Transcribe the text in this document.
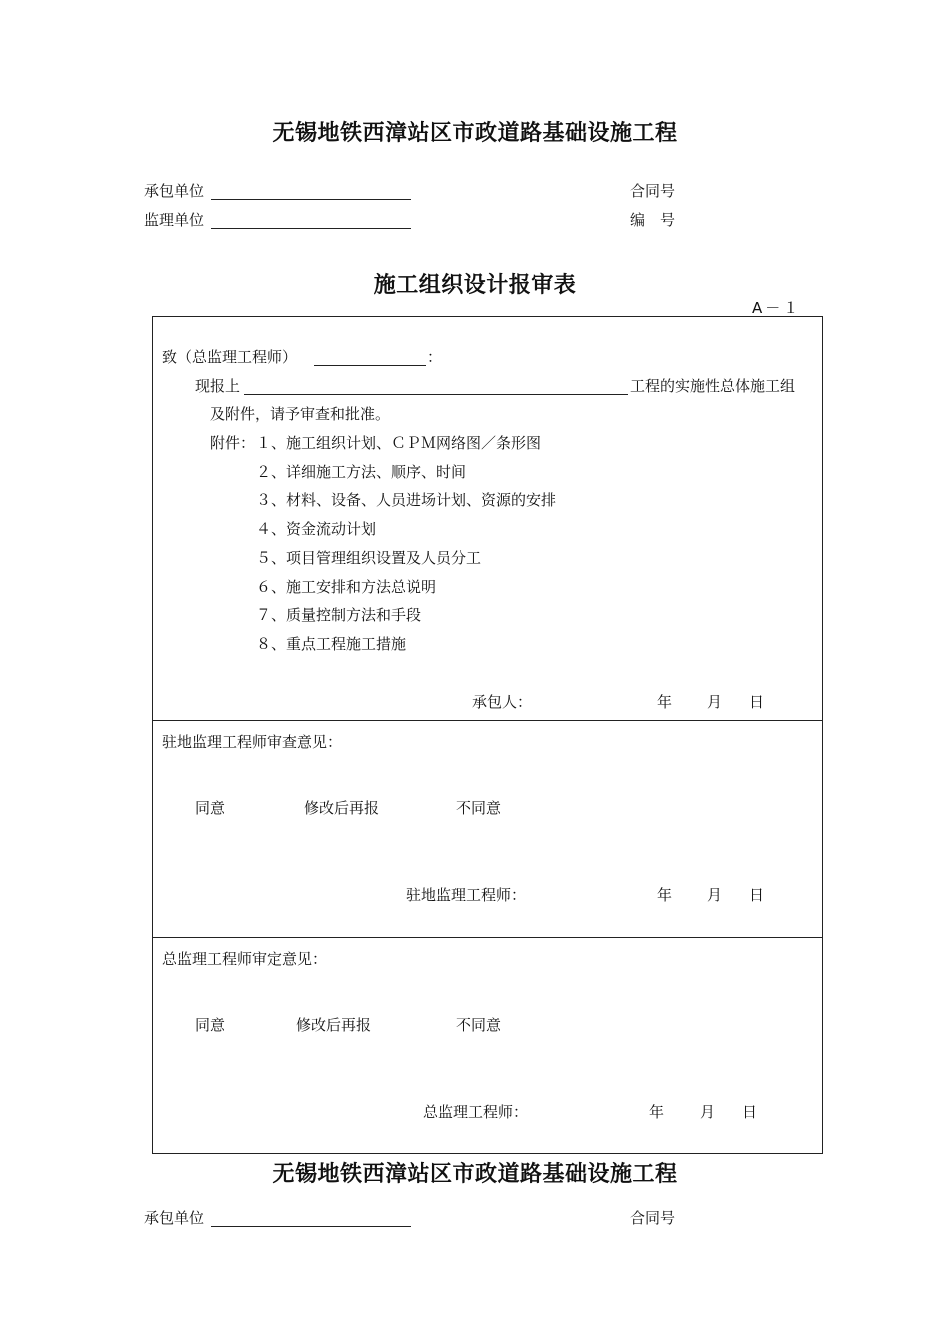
无锡地铁西漳站区市政道路基础设施工程
承包单位	合同号
监理单位	编　号
施工组织设计报审表
A－１
致（总监理工程师）	：
现报上	工程的实施性总体施工组
及附件，请予审查和批准。
附件： １、施工组织计划、ＣＰＭ网络图／条形图
２、详细施工方法、顺序、时间
３、材料、设备、人员进场计划、资源的安排
４、资金流动计划
５、项目管理组织设置及人员分工
６、施工安排和方法总说明
７、质量控制方法和手段
８、重点工程施工措施
承包人：	年 月 日
驻地监理工程师审查意见：
同意	修改后再报	不同意
驻地监理工程师：	年 月 日
总监理工程师审定意见：
同意	修改后再报	不同意
总监理工程师：	年 月 日
无锡地铁西漳站区市政道路基础设施工程
承包单位	合同号
